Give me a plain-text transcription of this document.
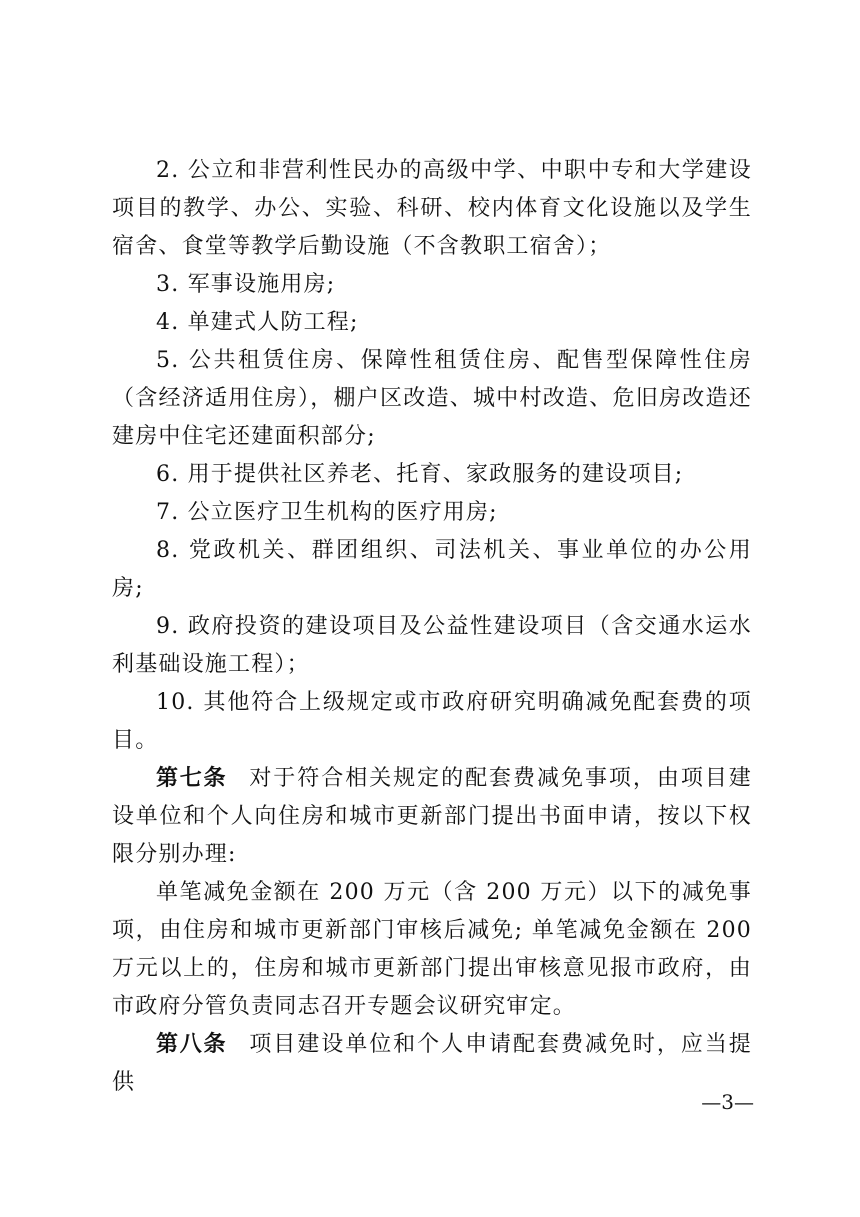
2. 公立和非营利性民办的高级中学、中职中专和大学建设项目的教学、办公、实验、科研、校内体育文化设施以及学生宿舍、食堂等教学后勤设施（不含教职工宿舍）；

3. 军事设施用房;

4. 单建式人防工程;

5. 公共租赁住房、保障性租赁住房、配售型保障性住房（含经济适用住房），棚户区改造、城中村改造、危旧房改造还建房中住宅还建面积部分;

6. 用于提供社区养老、托育、家政服务的建设项目;

7. 公立医疗卫生机构的医疗用房;

8. 党政机关、群团组织、司法机关、事业单位的办公用房;

9. 政府投资的建设项目及公益性建设项目（含交通水运水利基础设施工程）；

10. 其他符合上级规定或市政府研究明确减免配套费的项目。

第七条 对于符合相关规定的配套费减免事项，由项目建设单位和个人向住房和城市更新部门提出书面申请，按以下权限分别办理:

单笔减免金额在 200 万元（含 200 万元）以下的减免事项，由住房和城市更新部门审核后减免; 单笔减免金额在 200 万元以上的，住房和城市更新部门提出审核意见报市政府，由市政府分管负责同志召开专题会议研究审定。

第八条 项目建设单位和个人申请配套费减免时，应当提供

—3—
